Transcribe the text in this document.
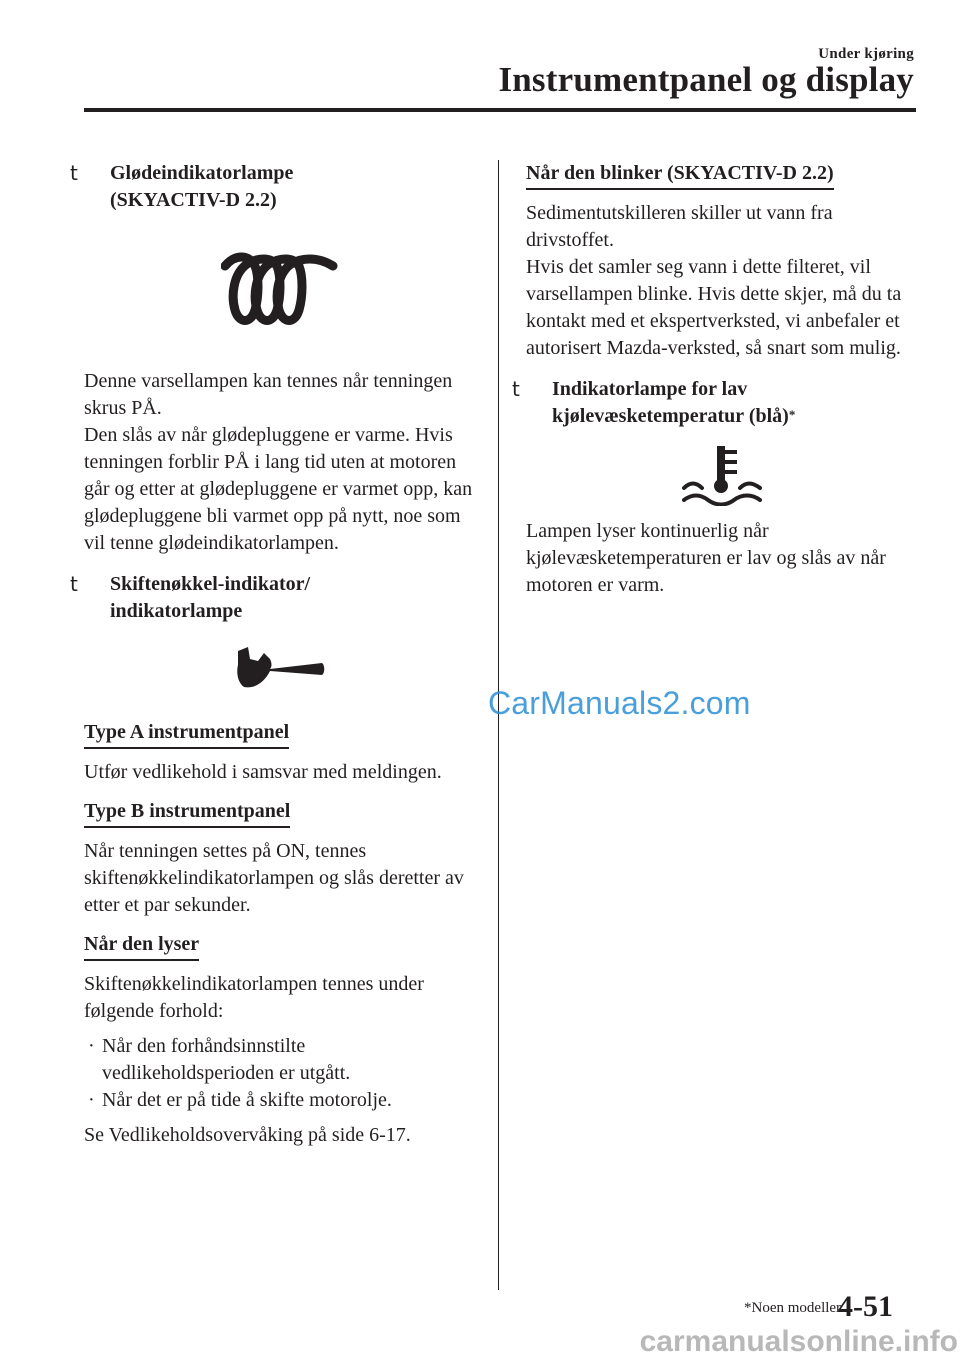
Under kjøring
Instrumentpanel og display
t Glødeindikatorlampe
(SKYACTIV-D 2.2)

Denne varsellampen kan tennes når tenningen skrus PÅ.

Den slås av når glødepluggene er varme. Hvis tenningen forblir PÅ i lang tid uten at motoren går og etter at glødepluggene er varmet opp, kan glødepluggene bli varmet opp på nytt, noe som vil tenne glødeindikatorlampen.

t Skiftenøkkel-indikator/
indikatorlampe
Type A instrumentpanel

Utfør vedlikehold i samsvar med meldingen.

Type B instrumentpanel

Når tenningen settes på ON, tennes skiftenøkkelindikatorlampen og slås deretter av etter et par sekunder.

Når den lyser

Skiftenøkkelindikatorlampen tennes under følgende forhold:

· Når den forhåndsinnstilte vedlikeholdsperioden er utgått.
· Når det er på tide å skifte motorolje.

Se Vedlikeholdsovervåking på side 6-17.

Når den blinker (SKYACTIV-D 2.2)

Sedimentutskilleren skiller ut vann fra drivstoffet.

Hvis det samler seg vann i dette filteret, vil varsellampen blinke. Hvis dette skjer, må du ta kontakt med et ekspertverksted, vi anbefaler et autorisert Mazda-verksted, så snart som mulig.

t Indikatorlampe for lav
kjølevæsketemperatur (blå)*

Lampen lyser kontinuerlig når kjølevæsketemperaturen er lav og slås av når motoren er varm.

CarManuals2.com
*Noen modeller.
4-51
carmanualsonline.info
